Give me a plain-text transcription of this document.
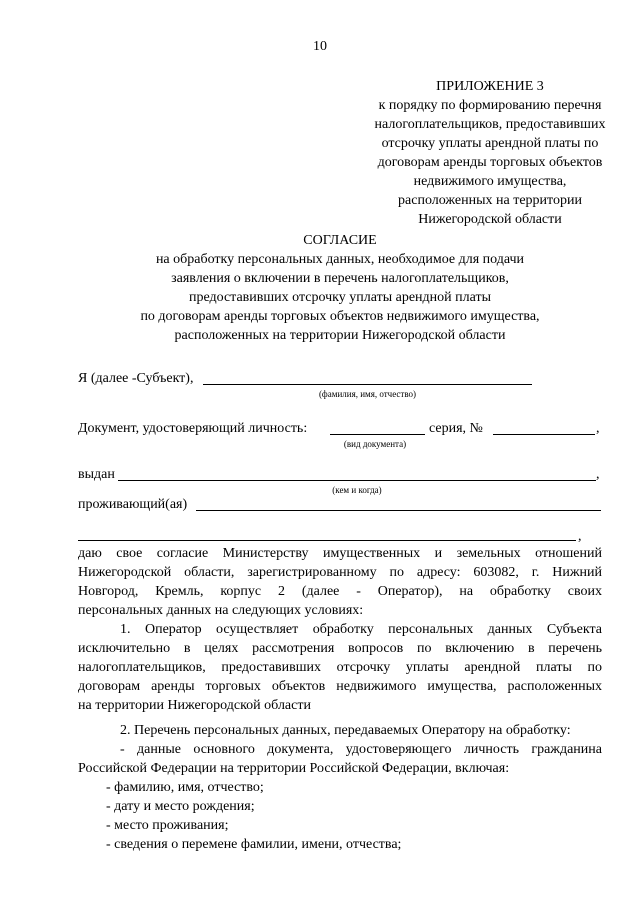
10
ПРИЛОЖЕНИЕ 3
к порядку по формированию перечня
налогоплательщиков, предоставивших
отсрочку уплаты арендной платы по
договорам аренды торговых объектов
недвижимого имущества,
расположенных на территории
Нижегородской области
СОГЛАСИЕ
на обработку персональных данных, необходимое для подачи
заявления о включении в перечень налогоплательщиков,
предоставивших отсрочку уплаты арендной платы
по договорам аренды торговых объектов недвижимого имущества,
расположенных на территории Нижегородской области
Я (далее -Субъект),
(фамилия, имя, отчество)
Документ, удостоверяющий личность:	серия, №	,
(вид документа)
выдан	,
(кем и когда)
проживающий(ая)
,
даю свое согласие Министерству имущественных и земельных отношений
Нижегородской области, зарегистрированному по адресу: 603082, г. Нижний
Новгород, Кремль, корпус 2 (далее - Оператор), на обработку своих
персональных данных на следующих условиях:
1. Оператор осуществляет обработку персональных данных Субъекта
исключительно в целях рассмотрения вопросов по включению в перечень
налогоплательщиков, предоставивших отсрочку уплаты арендной платы по
договорам аренды торговых объектов недвижимого имущества, расположенных
на территории Нижегородской области
2. Перечень персональных данных, передаваемых Оператору на обработку:
- данные основного документа, удостоверяющего личность гражданина
Российской Федерации на территории Российской Федерации, включая:
- фамилию, имя, отчество;
- дату и место рождения;
- место проживания;
- сведения о перемене фамилии, имени, отчества;
